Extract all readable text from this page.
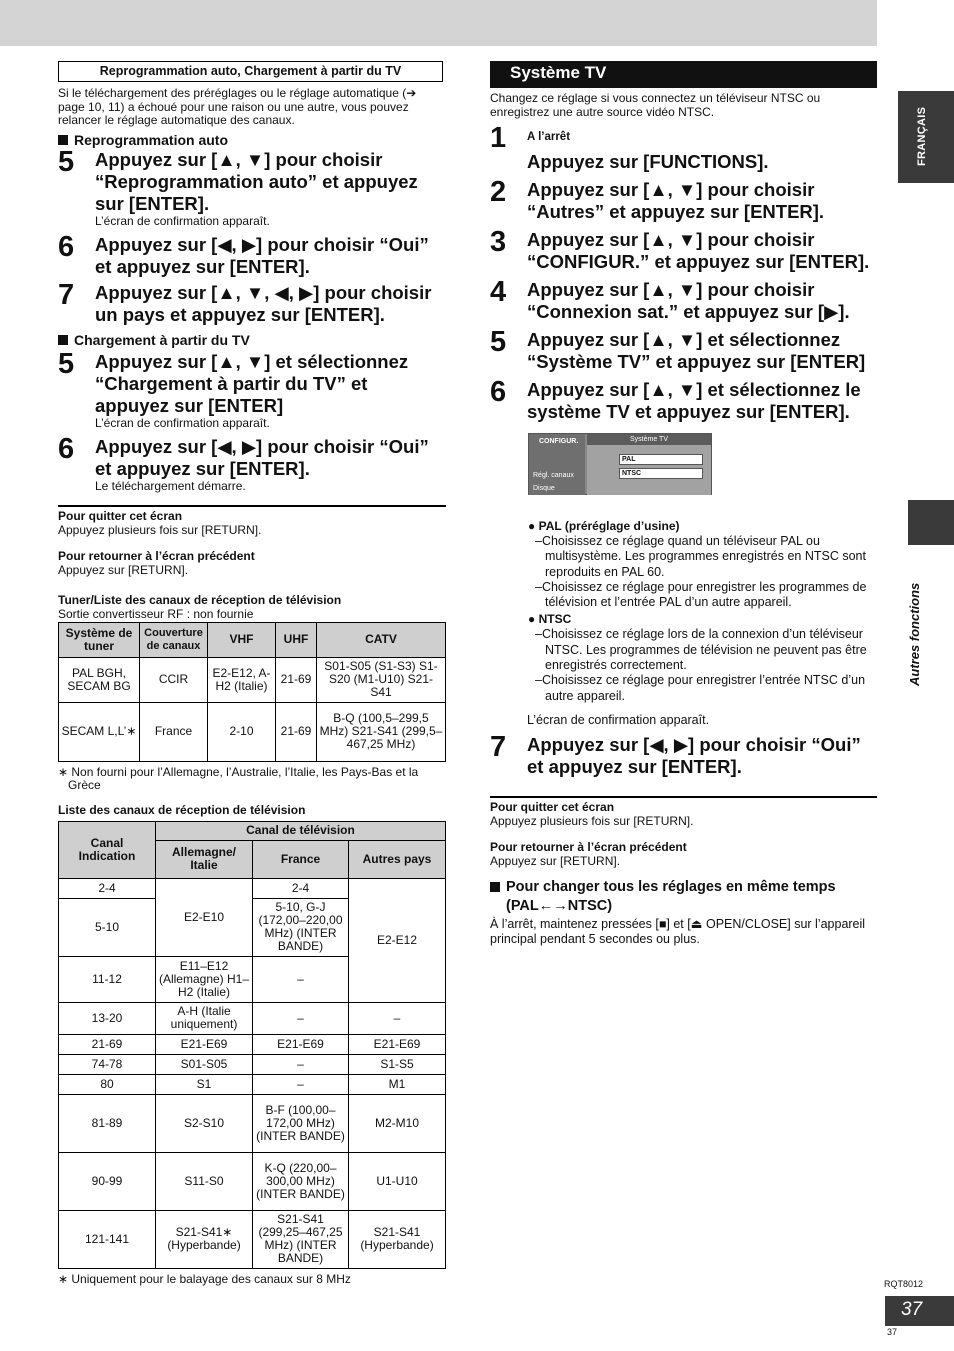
FRANÇAIS
Autres fonctions
Reprogrammation auto, Chargement à partir du TV
Si le téléchargement des préréglages ou le réglage automatique (➔ page 10, 11) a échoué pour une raison ou une autre, vous pouvez relancer le réglage automatique des canaux.
Reprogrammation auto
5	Appuyez sur [▲, ▼] pour choisir “Reprogrammation auto” et appuyez sur [ENTER].
L’écran de confirmation apparaît.
6	Appuyez sur [◀, ▶] pour choisir “Oui” et appuyez sur [ENTER].
7	Appuyez sur [▲, ▼, ◀, ▶] pour choisir un pays et appuyez sur [ENTER].
Chargement à partir du TV
5	Appuyez sur [▲, ▼] et sélectionnez “Chargement à partir du TV” et appuyez sur [ENTER]
L’écran de confirmation apparaît.
6	Appuyez sur [◀, ▶] pour choisir “Oui” et appuyez sur [ENTER].
Le téléchargement démarre.
Pour quitter cet écran
Appuyez plusieurs fois sur [RETURN].
Pour retourner à l’écran précédent
Appuyez sur [RETURN].
Tuner/Liste des canaux de réception de télévision
Sortie convertisseur RF : non fournie
Système de tuner	Couverture de canaux	VHF	UHF	CATV
PAL BGH, SECAM BG	CCIR	E2-E12, A-H2 (Italie)	21-69	S01-S05 (S1-S3) S1-S20 (M1-U10) S21-S41
SECAM L,L’∗	France	2-10	21-69	B-Q (100,5–299,5 MHz) S21-S41 (299,5–467,25 MHz)
∗ Non fourni pour l’Allemagne, l’Australie, l’Italie, les Pays-Bas et la Grèce
Liste des canaux de réception de télévision
Canal Indication	Canal de télévision		
	Allemagne/ Italie	France	Autres pays
2-4	E2-E10	2-4	E2-E12
5-10		5-10, G-J (172,00–220,00 MHz) (INTER BANDE)	
11-12	E11–E12 (Allemagne) H1–H2 (Italie)	–	
13-20	A-H (Italie uniquement)	–	–
21-69	E21-E69	E21-E69	E21-E69
74-78	S01-S05	–	S1-S5
80	S1	–	M1
81-89	S2-S10	B-F (100,00–172,00 MHz) (INTER BANDE)	M2-M10
90-99	S11-S0	K-Q (220,00–300,00 MHz) (INTER BANDE)	U1-U10
121-141	S21-S41∗ (Hyperbande)	S21-S41 (299,25–467,25 MHz) (INTER BANDE)	S21-S41 (Hyperbande)
∗ Uniquement pour le balayage des canaux sur 8 MHz
Système TV
Changez ce réglage si vous connectez un téléviseur NTSC ou enregistrez une autre source vidéo NTSC.
1	A l’arrêt
Appuyez sur [FUNCTIONS].
2	Appuyez sur [▲, ▼] pour choisir “Autres” et appuyez sur [ENTER].
3	Appuyez sur [▲, ▼] pour choisir “CONFIGUR.” et appuyez sur [ENTER].
4	Appuyez sur [▲, ▼] pour choisir “Connexion sat.” et appuyez sur [▶].
5	Appuyez sur [▲, ▼] et sélectionnez “Système TV” et appuyez sur [ENTER]
6	Appuyez sur [▲, ▼] et sélectionnez le système TV et appuyez sur [ENTER].
CONFIGUR.	Système TV
PAL
NTSC
Régl. canaux
Disque
● PAL (préréglage d’usine)
–Choisissez ce réglage quand un téléviseur PAL ou multisystème. Les programmes enregistrés en NTSC sont reproduits en PAL 60.
–Choisissez ce réglage pour enregistrer les programmes de télévision et l’entrée PAL d’un autre appareil.
● NTSC
–Choisissez ce réglage lors de la connexion d’un téléviseur NTSC. Les programmes de télévision ne peuvent pas être enregistrés correctement.
–Choisissez ce réglage pour enregistrer l’entrée NTSC d’un autre appareil.
L’écran de confirmation apparaît.
7	Appuyez sur [◀, ▶] pour choisir “Oui” et appuyez sur [ENTER].
Pour quitter cet écran
Appuyez plusieurs fois sur [RETURN].
Pour retourner à l’écran précédent
Appuyez sur [RETURN].
Pour changer tous les réglages en même temps (PAL←→NTSC)
À l’arrêt, maintenez pressées [■] et [⏏ OPEN/CLOSE] sur l’appareil principal pendant 5 secondes ou plus.
RQT8012
37
37
